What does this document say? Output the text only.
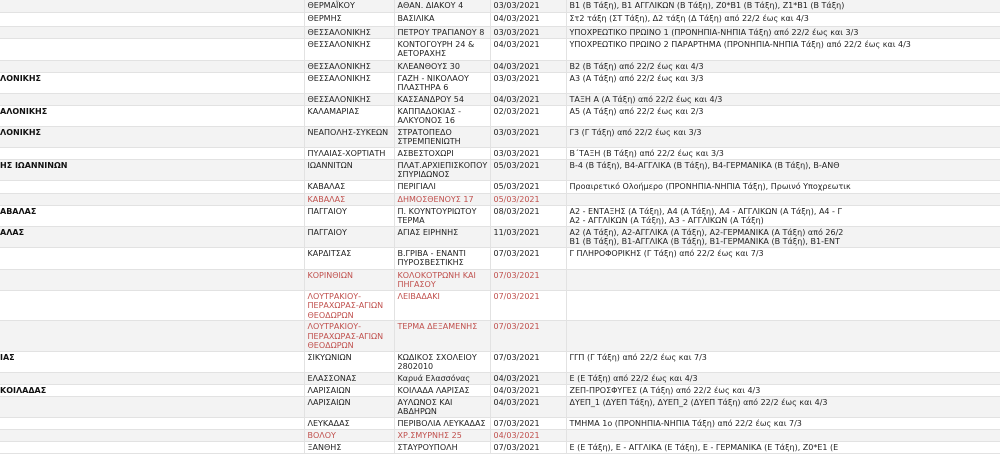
	ΘΕΡΜΑΪΚΟΥ	ΑΘΑΝ. ΔΙΑΚΟΥ 4	03/03/2021	Β1 (Β Τάξη), Β1 ΑΓΓΛΙΚΩΝ (Β Τάξη), Ζ0*Β1 (Β Τάξη), Ζ1*Β1 (Β Τάξη)
	ΘΕΡΜΗΣ	ΒΑΣΙΛΙΚΑ	04/03/2021	Στ2 τάξη (ΣΤ Τάξη), Δ2 τάξη (Δ Τάξη) από 22/2 έως και 4/3
	ΘΕΣΣΑΛΟΝΙΚΗΣ	ΠΕΤΡΟΥ ΤΡΑΓΙΑΝΟΥ 8	03/03/2021	ΥΠΟΧΡΕΩΤΙΚΟ ΠΡΩΙΝΟ 1 (ΠΡΟΝΗΠΙΑ-ΝΗΠΙΑ Τάξη) από 22/2 έως και 3/3
	ΘΕΣΣΑΛΟΝΙΚΗΣ	ΚΟΝΤΟΓΟΥΡΗ 24 & ΑΕΤΟΡΑΧΗΣ	04/03/2021	ΥΠΟΧΡΕΩΤΙΚΟ ΠΡΩΙΝΟ 2 ΠΑΡΑΡΤΗΜΑ (ΠΡΟΝΗΠΙΑ-ΝΗΠΙΑ Τάξη) από 22/2 έως και 4/3
	ΘΕΣΣΑΛΟΝΙΚΗΣ	ΚΛΕΑΝΘΟΥΣ 30	04/03/2021	Β2 (Β Τάξη) από 22/2 έως και 4/3
ΛΟΝΙΚΗΣ	ΘΕΣΣΑΛΟΝΙΚΗΣ	ΓΑΖΗ - ΝΙΚΟΛΑΟΥ ΠΛΑΣΤΗΡΑ 6	03/03/2021	Α3 (Α Τάξη) από 22/2 έως και 3/3
	ΘΕΣΣΑΛΟΝΙΚΗΣ	ΚΑΣΣΑΝΔΡΟΥ 54	04/03/2021	ΤΑΞΗ Α (Α Τάξη) από 22/2 έως και 4/3
ΑΛΟΝΙΚΗΣ	ΚΑΛΑΜΑΡΙΑΣ	ΚΑΠΠΑΔΟΚΙΑΣ - ΑΛΚΥΟΝΟΣ 16	02/03/2021	Α5 (Α Τάξη) από 22/2 έως και 2/3
ΛΟΝΙΚΗΣ	ΝΕΑΠΟΛΗΣ-ΣΥΚΕΩΝ	ΣΤΡΑΤΟΠΕΔΟ ΣΤΡΕΜΠΕΝΙΩΤΗ	03/03/2021	Γ3 (Γ Τάξη) από 22/2 έως και 3/3
	ΠΥΛΑΙΑΣ-ΧΟΡΤΙΑΤΗ	ΑΣΒΕΣΤΟΧΩΡΙ	03/03/2021	Β΄ΤΑΞΗ (Β Τάξη) από 22/2 έως και 3/3
ΗΣ ΙΩΑΝΝΙΝΩΝ	ΙΩΑΝΝΙΤΩΝ	ΠΛΑΤ.ΑΡΧΙΕΠΙΣΚΟΠΟΥ ΣΠΥΡΙΔΩΝΟΣ	05/03/2021	Β-4 (Β Τάξη), Β4-ΑΓΓΛΙΚΑ (Β Τάξη), Β4-ΓΕΡΜΑΝΙΚΑ (Β Τάξη), Β-ΑΝΘ
	ΚΑΒΑΛΑΣ	ΠΕΡΙΓΙΑΛΙ	05/03/2021	Προαιρετικό Ολοήμερο (ΠΡΟΝΗΠΙΑ-ΝΗΠΙΑ Τάξη), Πρωινό Υποχρεωτικ
	ΚΑΒΑΛΑΣ	ΔΗΜΟΣΘΕΝΟΥΣ 17	05/03/2021	
ΑΒΑΛΑΣ	ΠΑΓΓΑΙΟΥ	Π. ΚΟΥΝΤΟΥΡΙΩΤΟΥ ΤΕΡΜΑ	08/03/2021	Α2 - ΕΝΤΑΞΗΣ (Α Τάξη), Α4 (Α Τάξη), Α4 - ΑΓΓΛΙΚΩΝ (Α Τάξη), Α4 - Γ
Α2 - ΑΓΓΛΙΚΩΝ (Α Τάξη), Α3 - ΑΓΓΛΙΚΩΝ (Α Τάξη)
ΑΛΑΣ	ΠΑΓΓΑΙΟΥ	ΑΓΙΑΣ ΕΙΡΗΝΗΣ	11/03/2021	Α2 (Α Τάξη), Α2-ΑΓΓΛΙΚΑ (Α Τάξη), Α2-ΓΕΡΜΑΝΙΚΑ (Α Τάξη) από 26/2
Β1 (Β Τάξη), Β1-ΑΓΓΛΙΚΑ (Β Τάξη), Β1-ΓΕΡΜΑΝΙΚΑ (Β Τάξη), Β1-ΕΝΤ
	ΚΑΡΔΙΤΣΑΣ	Β.ΓΡΙΒΑ - ΕΝΑΝΤΙ ΠΥΡΟΣΒΕΣΤΙΚΗΣ	07/03/2021	Γ ΠΛΗΡΟΦΟΡΙΚΗΣ (Γ Τάξη) από 22/2 έως και 7/3
	ΚΟΡΙΝΘΙΩΝ	ΚΟΛΟΚΟΤΡΩΝΗ ΚΑΙ ΠΗΓΑΣΟΥ	07/03/2021	
	ΛΟΥΤΡΑΚΙΟΥ-ΠΕΡΑΧΩΡΑΣ-ΑΓΙΩΝ ΘΕΟΔΩΡΩΝ	ΛΕΙΒΑΔΑΚΙ	07/03/2021	
	ΛΟΥΤΡΑΚΙΟΥ-ΠΕΡΑΧΩΡΑΣ-ΑΓΙΩΝ ΘΕΟΔΩΡΩΝ	ΤΕΡΜΑ ΔΕΞΑΜΕΝΗΣ	07/03/2021	
ΙΑΣ	ΣΙΚΥΩΝΙΩΝ	ΚΩΔΙΚΟΣ ΣΧΟΛΕΙΟΥ 2802010	07/03/2021	ΓΓΠ (Γ Τάξη) από 22/2 έως και 7/3
	ΕΛΑΣΣΟΝΑΣ	Καρυά Ελασσόνας	04/03/2021	Ε (Ε Τάξη) από 22/2 έως και 4/3
ΚΟΙΛΑΔΑΣ	ΛΑΡΙΣΑΙΩΝ	ΚΟΙΛΑΔΑ ΛΑΡΙΣΑΣ	04/03/2021	ΖΕΠ-ΠΡΟΣΦΥΓΕΣ (Α Τάξη) από 22/2 έως και 4/3
	ΛΑΡΙΣΑΙΩΝ	ΑΥΛΩΝΟΣ ΚΑΙ ΑΒΔΗΡΩΝ	04/03/2021	ΔΥΕΠ_1 (ΔΥΕΠ Τάξη), ΔΥΕΠ_2 (ΔΥΕΠ Τάξη) από 22/2 έως και 4/3
	ΛΕΥΚΑΔΑΣ	ΠΕΡΙΒΟΛΙΑ ΛΕΥΚΑΔΑΣ	07/03/2021	ΤΜΗΜΑ 1ο (ΠΡΟΝΗΠΙΑ-ΝΗΠΙΑ Τάξη) από 22/2 έως και 7/3
	ΒΟΛΟΥ	ΧΡ.ΣΜΥΡΝΗΣ 25	04/03/2021	
	ΞΑΝΘΗΣ	ΣΤΑΥΡΟΥΠΟΛΗ	07/03/2021	Ε (Ε Τάξη), Ε - ΑΓΓΛΙΚΑ (Ε Τάξη), Ε - ΓΕΡΜΑΝΙΚΑ (Ε Τάξη), Ζ0*Ε1 (Ε
